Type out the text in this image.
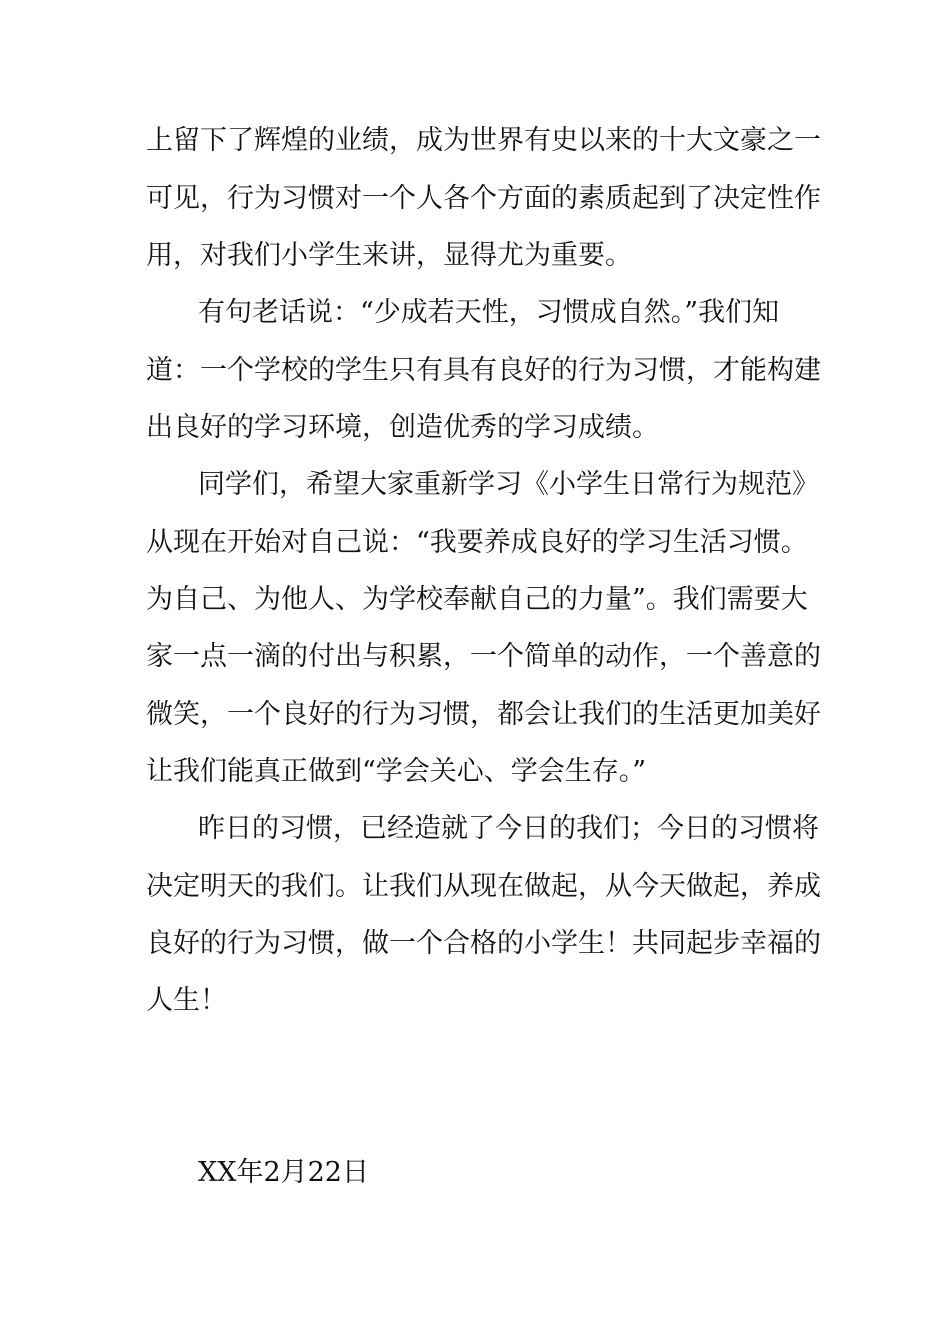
上留下了辉煌的业绩，成为世界有史以来的十大文豪之一
可见，行为习惯对一个人各个方面的素质起到了决定性作
用，对我们小学生来讲，显得尤为重要。
有句老话说：“少成若天性，习惯成自然。”我们知
道：一个学校的学生只有具有良好的行为习惯，才能构建
出良好的学习环境，创造优秀的学习成绩。
同学们，希望大家重新学习《小学生日常行为规范》
从现在开始对自己说：“我要养成良好的学习生活习惯。
为自己、为他人、为学校奉献自己的力量”。我们需要大
家一点一滴的付出与积累，一个简单的动作，一个善意的
微笑，一个良好的行为习惯，都会让我们的生活更加美好
让我们能真正做到“学会关心、学会生存。”
昨日的习惯，已经造就了今日的我们；今日的习惯将
决定明天的我们。让我们从现在做起，从今天做起，养成
良好的行为习惯，做一个合格的小学生！共同起步幸福的
人生！
XX年2月22日
